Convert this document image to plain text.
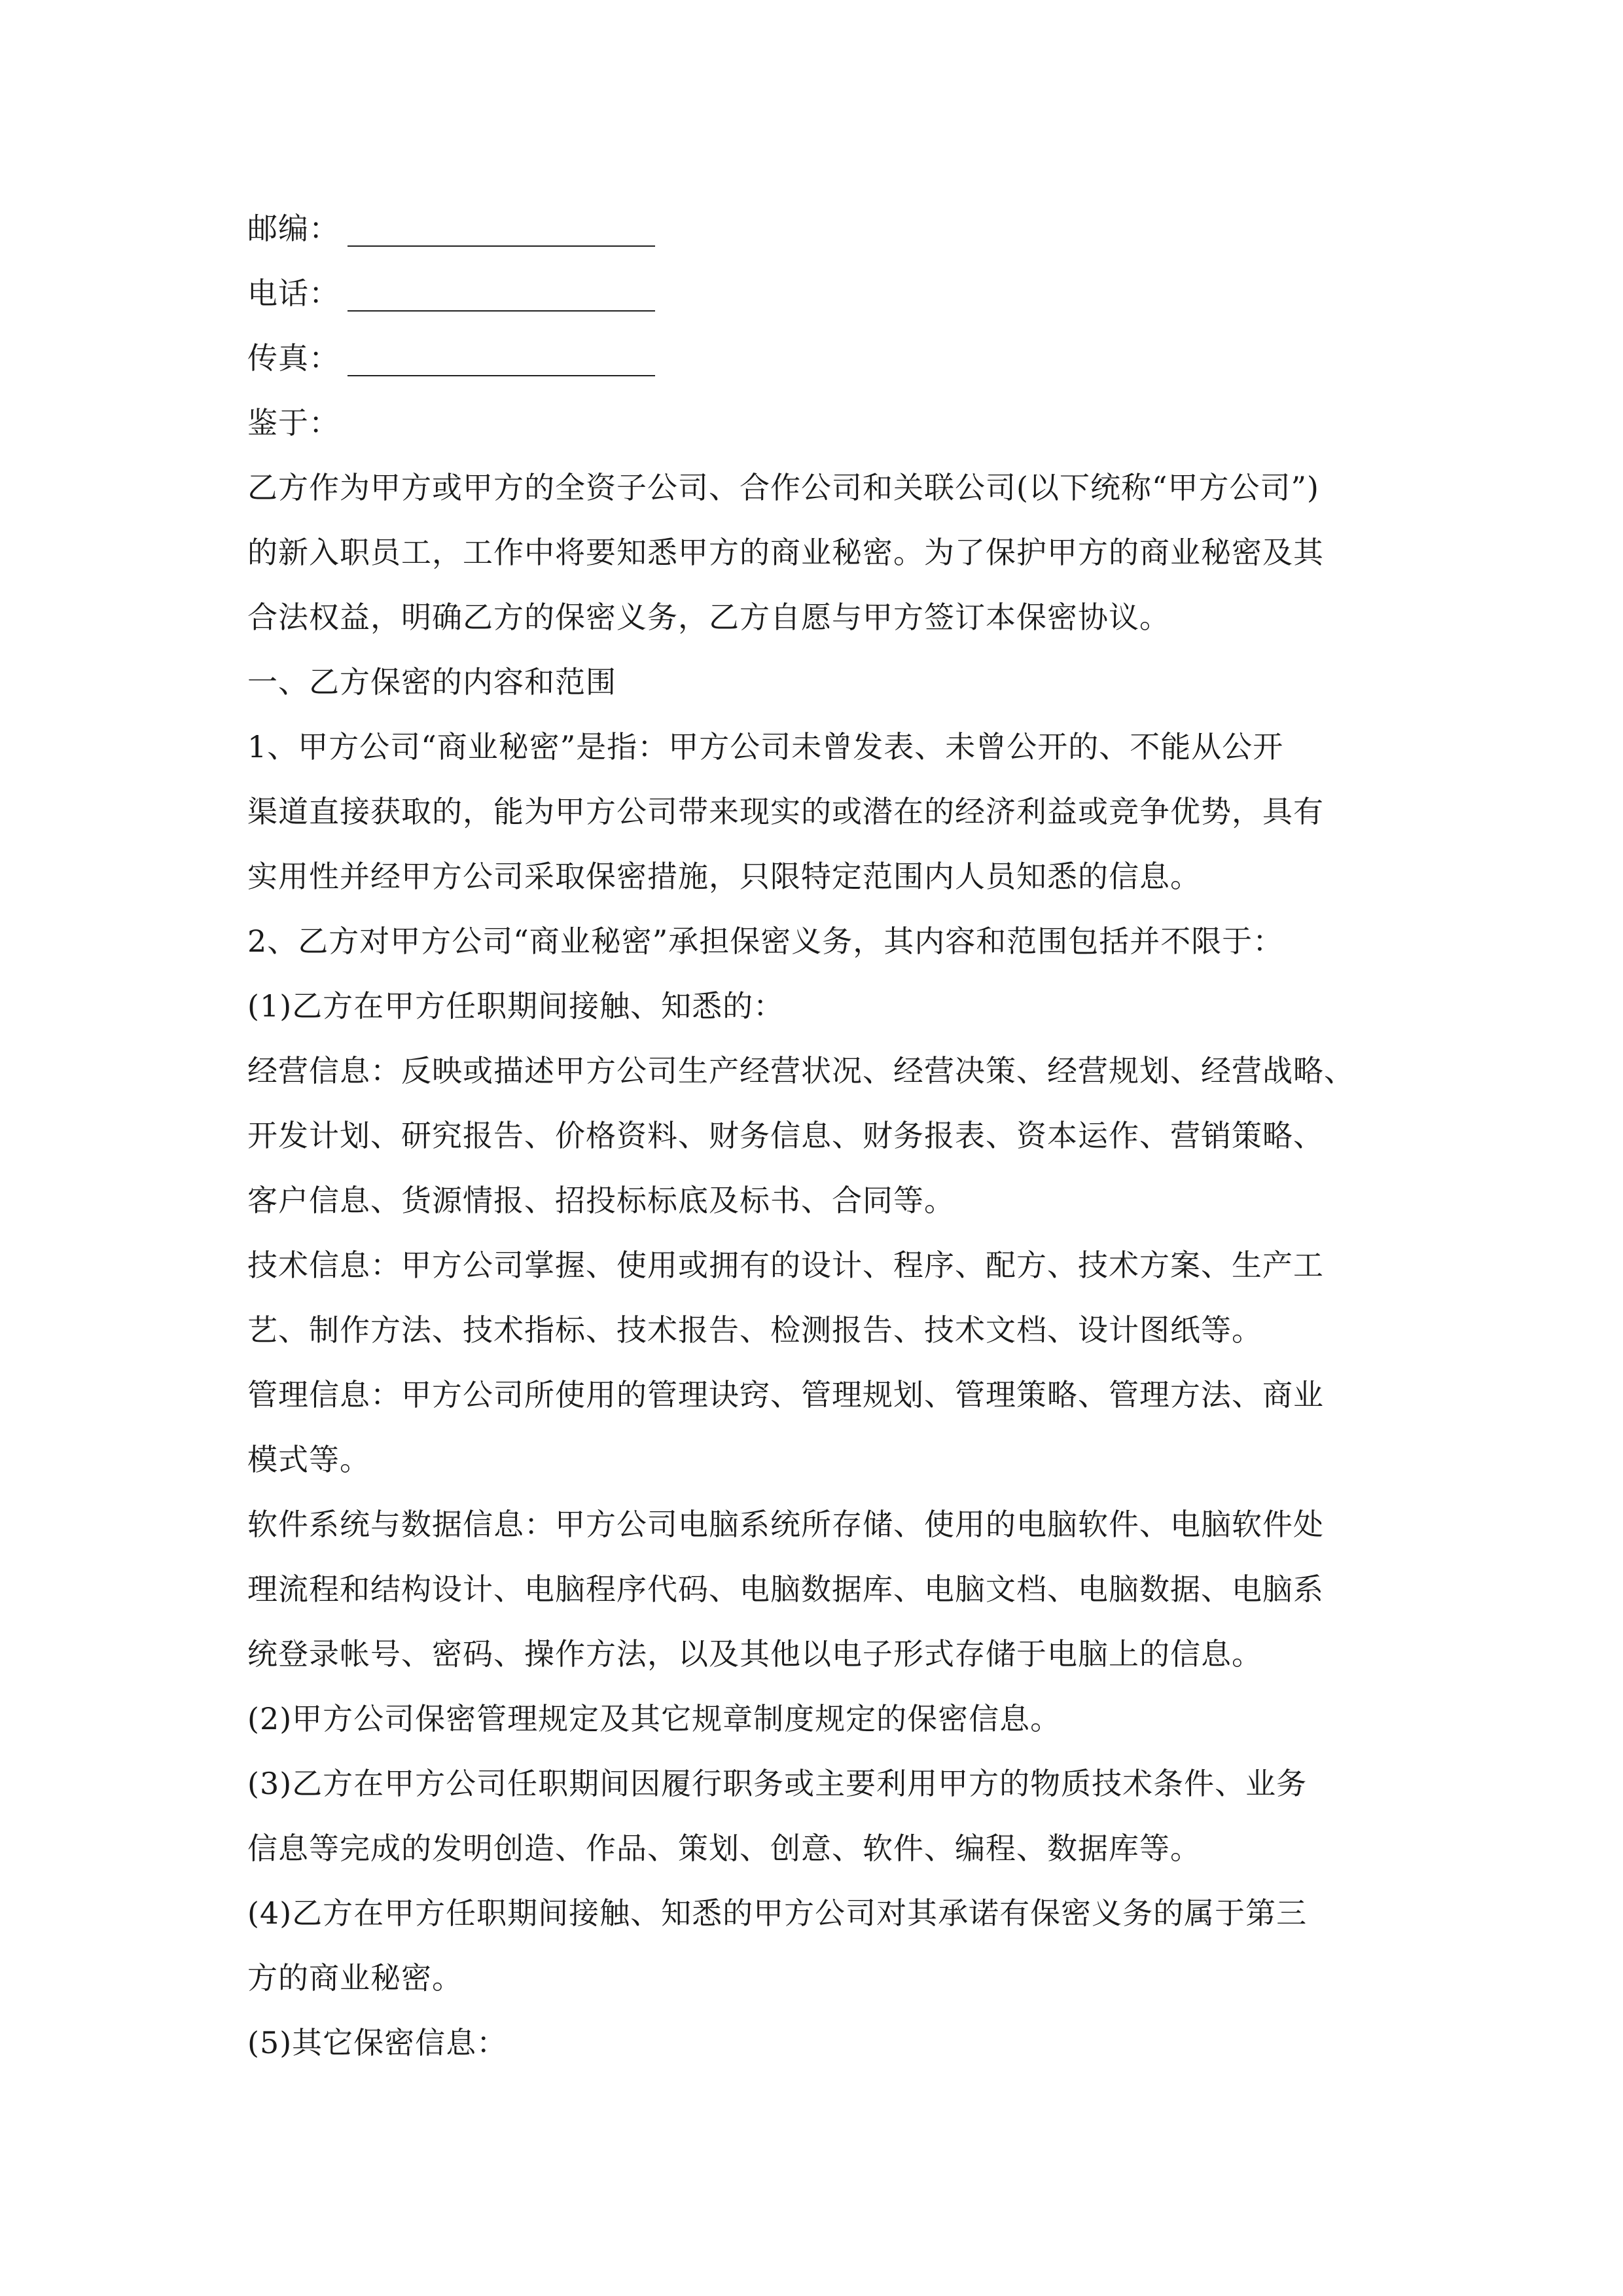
邮编：
电话：
传真：
鉴于：
乙方作为甲方或甲方的全资子公司、合作公司和关联公司(以下统称“甲方公司”)
的新入职员工，工作中将要知悉甲方的商业秘密。为了保护甲方的商业秘密及其
合法权益，明确乙方的保密义务，乙方自愿与甲方签订本保密协议。
一、乙方保密的内容和范围
1、甲方公司“商业秘密”是指：甲方公司未曾发表、未曾公开的、不能从公开
渠道直接获取的，能为甲方公司带来现实的或潜在的经济利益或竞争优势，具有
实用性并经甲方公司采取保密措施，只限特定范围内人员知悉的信息。
2、乙方对甲方公司“商业秘密”承担保密义务，其内容和范围包括并不限于：
(1)乙方在甲方任职期间接触、知悉的：
经营信息：反映或描述甲方公司生产经营状况、经营决策、经营规划、经营战略、
开发计划、研究报告、价格资料、财务信息、财务报表、资本运作、营销策略、
客户信息、货源情报、招投标标底及标书、合同等。
技术信息：甲方公司掌握、使用或拥有的设计、程序、配方、技术方案、生产工
艺、制作方法、技术指标、技术报告、检测报告、技术文档、设计图纸等。
管理信息：甲方公司所使用的管理诀窍、管理规划、管理策略、管理方法、商业
模式等。
软件系统与数据信息：甲方公司电脑系统所存储、使用的电脑软件、电脑软件处
理流程和结构设计、电脑程序代码、电脑数据库、电脑文档、电脑数据、电脑系
统登录帐号、密码、操作方法，以及其他以电子形式存储于电脑上的信息。
(2)甲方公司保密管理规定及其它规章制度规定的保密信息。
(3)乙方在甲方公司任职期间因履行职务或主要利用甲方的物质技术条件、业务
信息等完成的发明创造、作品、策划、创意、软件、编程、数据库等。
(4)乙方在甲方任职期间接触、知悉的甲方公司对其承诺有保密义务的属于第三
方的商业秘密。
(5)其它保密信息：
